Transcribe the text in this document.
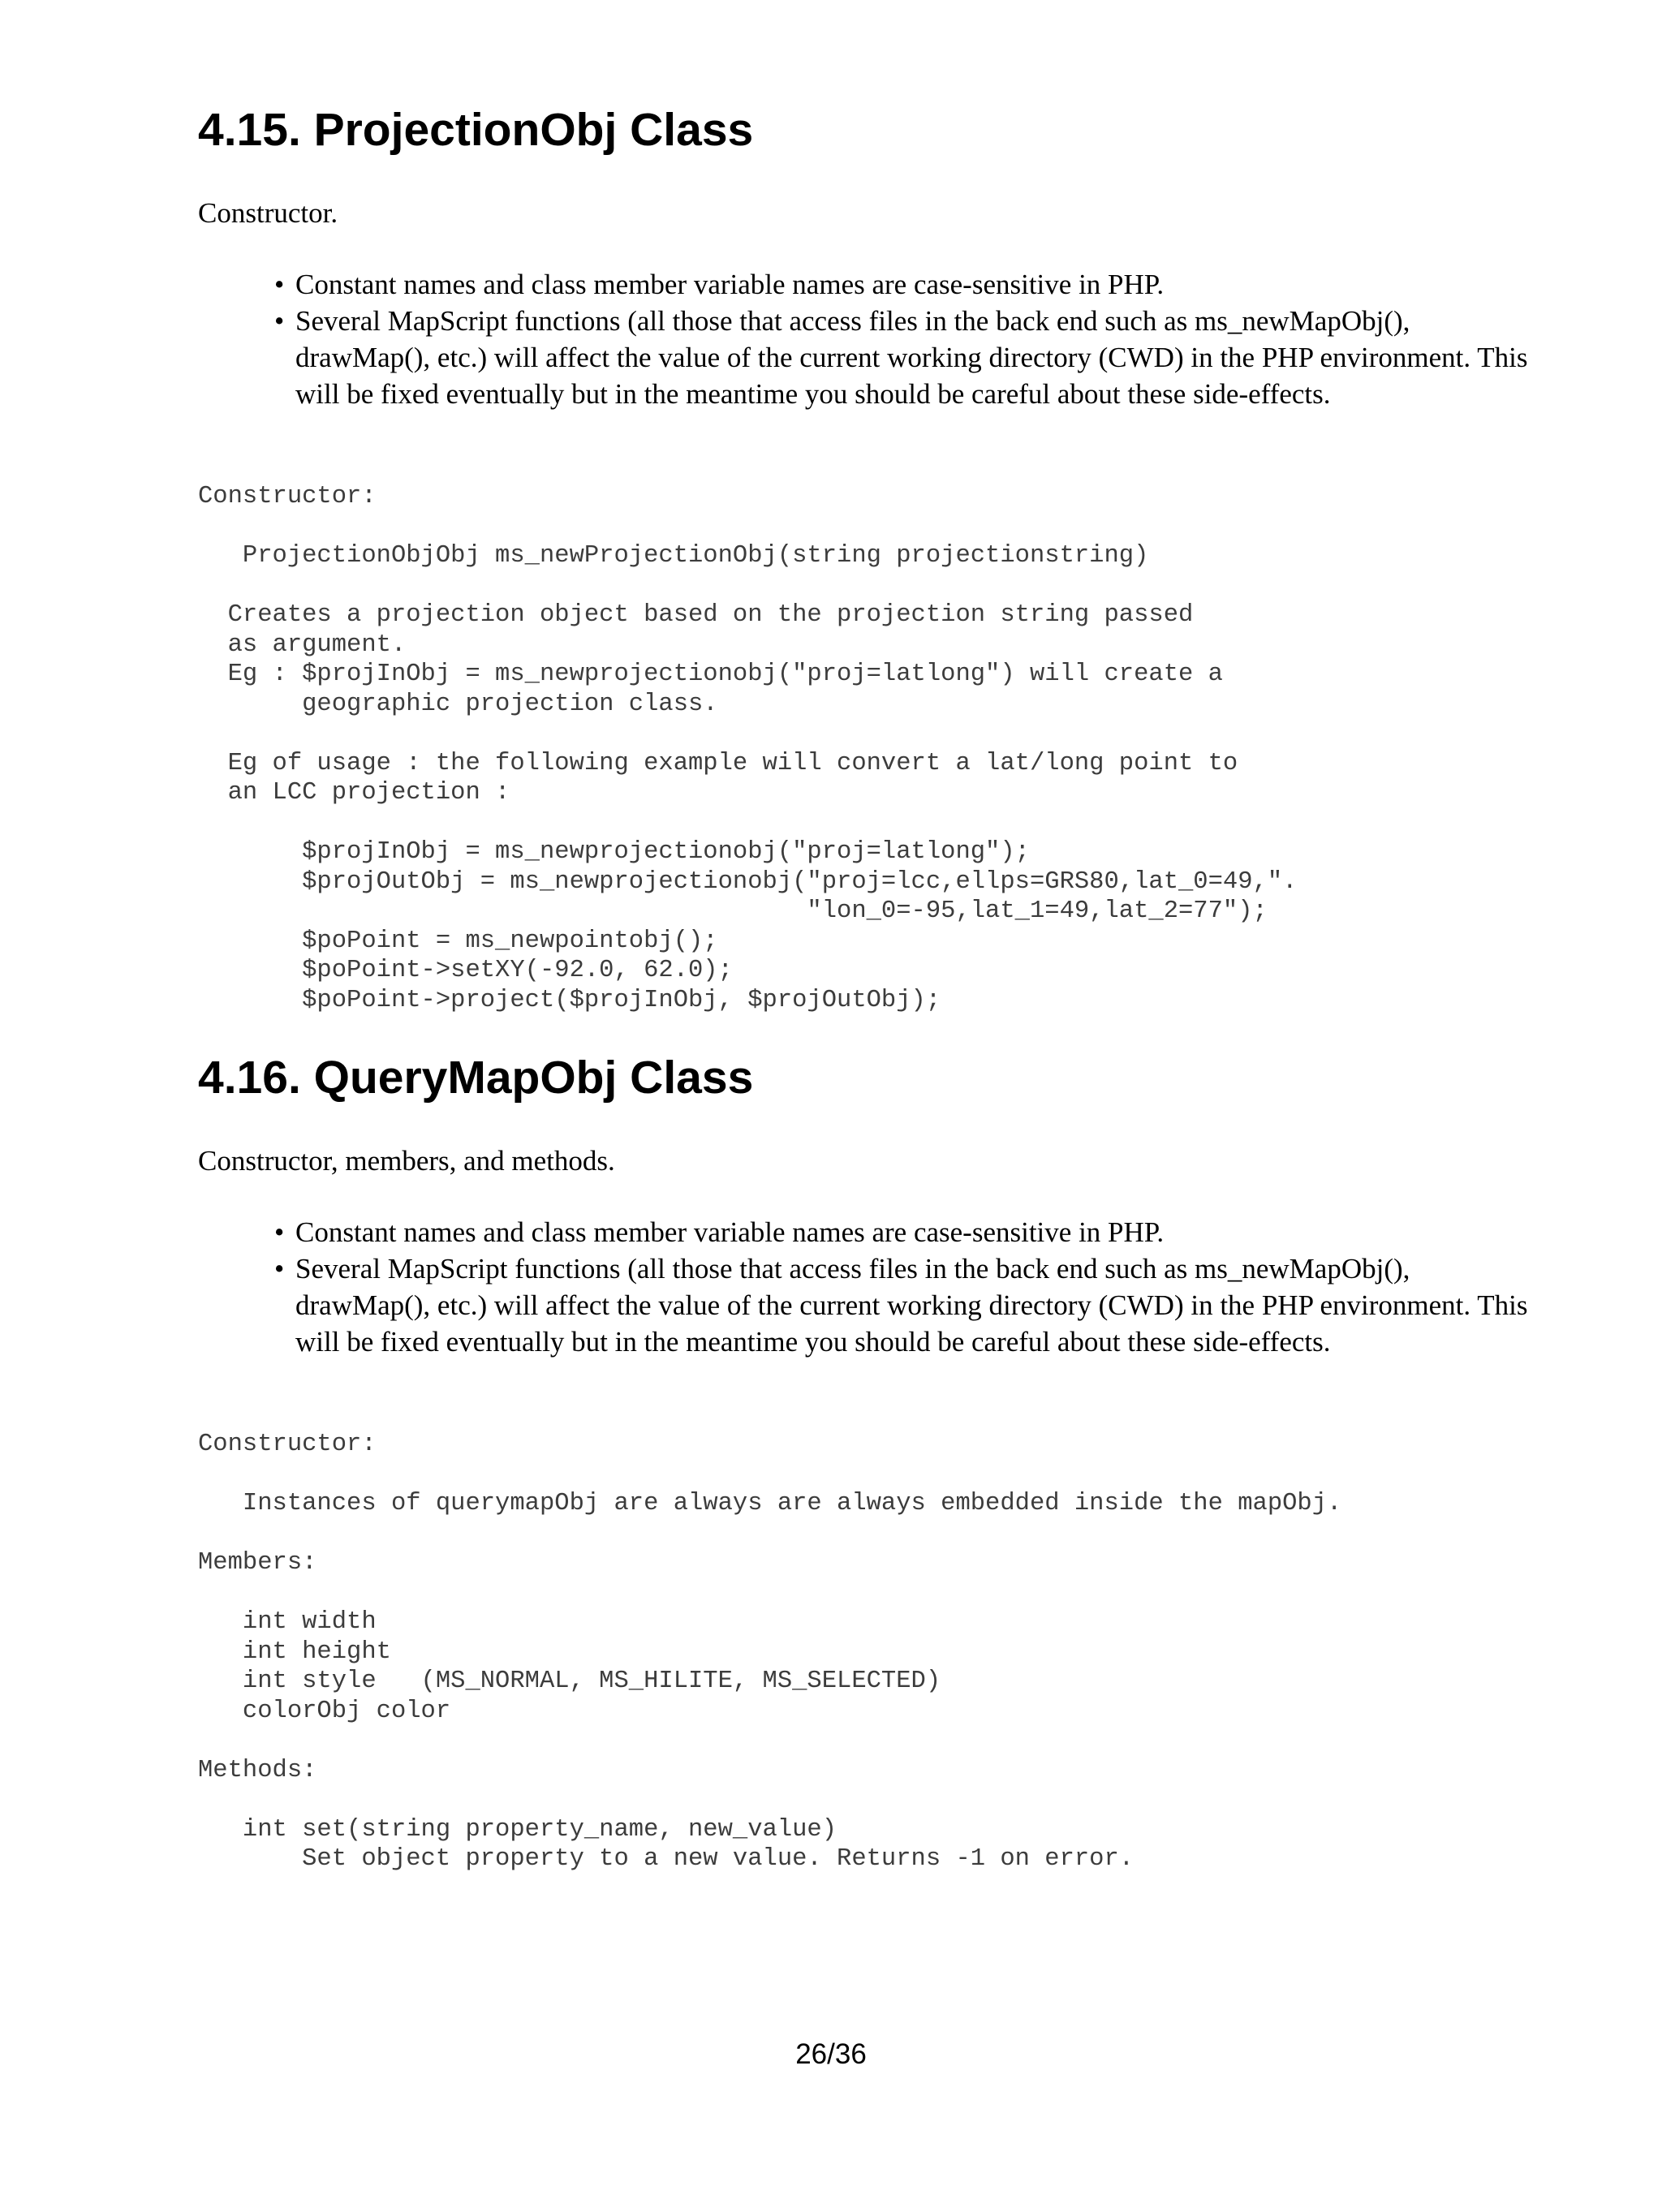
4.15. ProjectionObj Class

Constructor.

• Constant names and class member variable names are case-sensitive in PHP.
• Several MapScript functions (all those that access files in the back end such as ms_newMapObj(), drawMap(), etc.) will affect the value of the current working directory (CWD) in the PHP environment. This will be fixed eventually but in the meantime you should be careful about these side-effects.
Constructor:

ProjectionObjObj ms_newProjectionObj(string projectionstring)

Creates a projection object based on the projection string passed
as argument.
Eg : $projInObj = ms_newprojectionobj("proj=latlong") will create a
geographic projection class.

Eg of usage : the following example will convert a lat/long point to
an LCC projection :

$projInObj = ms_newprojectionobj("proj=latlong");
$projOutObj = ms_newprojectionobj("proj=lcc,ellps=GRS80,lat_0=49,".
"lon_0=-95,lat_1=49,lat_2=77");
$poPoint = ms_newpointobj();
$poPoint->setXY(-92.0, 62.0);
$poPoint->project($projInObj, $projOutObj);
4.16. QueryMapObj Class

Constructor, members, and methods.

• Constant names and class member variable names are case-sensitive in PHP.
• Several MapScript functions (all those that access files in the back end such as ms_newMapObj(), drawMap(), etc.) will affect the value of the current working directory (CWD) in the PHP environment. This will be fixed eventually but in the meantime you should be careful about these side-effects.
Constructor:

Instances of querymapObj are always are always embedded inside the mapObj.

Members:

int width
int height
int style   (MS_NORMAL, MS_HILITE, MS_SELECTED)
colorObj color

Methods:

int set(string property_name, new_value)
Set object property to a new value. Returns -1 on error.
26/36
